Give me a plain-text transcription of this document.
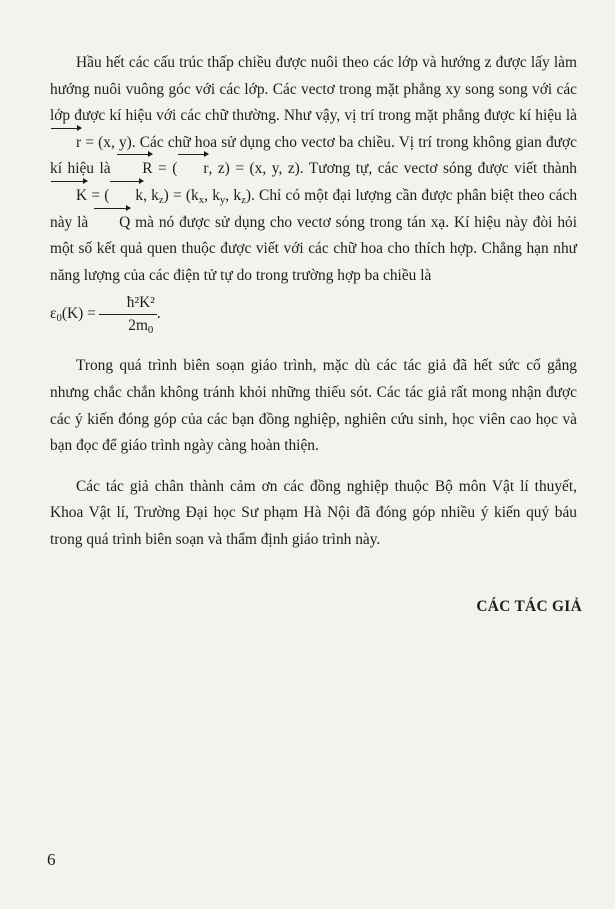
Hầu hết các cấu trúc thấp chiều được nuôi theo các lớp và hướng z được lấy làm hướng nuôi vuông góc với các lớp. Các vectơ trong mặt phẳng xy song song với các lớp được kí hiệu với các chữ thường. Như vậy, vị trí trong mặt phẳng được kí hiệu là r = (x, y). Các chữ hoa sử dụng cho vectơ ba chiều. Vị trí trong không gian được kí hiệu là R = ( r, z) = (x, y, z). Tương tự, các vectơ sóng được viết thành K = ( k, $k_z) = (k_x$, $k_y$, $k_z$). Chỉ có một đại lượng cần được phân biệt theo cách này là Q mà nó được sử dụng cho vectơ sóng trong tán xạ. Kí hiệu này đòi hỏi một số kết quả quen thuộc được viết với các chữ hoa cho thích hợp. Chẳng hạn như năng lượng của các điện tử tự do trong trường hợp ba chiều là
$\varepsilon_0(K) = \frac{\text{ħ²K²}}{2m_0}$ .

Trong quá trình biên soạn giáo trình, mặc dù các tác giả đã hết sức cố gắng nhưng chắc chắn không tránh khỏi những thiếu sót. Các tác giả rất mong nhận được các ý kiến đóng góp của các bạn đồng nghiệp, nghiên cứu sinh, học viên cao học và bạn đọc để giáo trình ngày càng hoàn thiện.

Các tác giả chân thành cảm ơn các đồng nghiệp thuộc Bộ môn Vật lí thuyết, Khoa Vật lí, Trường Đại học Sư phạm Hà Nội đã đóng góp nhiều ý kiến quý báu trong quá trình biên soạn và thẩm định giáo trình này.

CÁC TÁC GIẢ
6
